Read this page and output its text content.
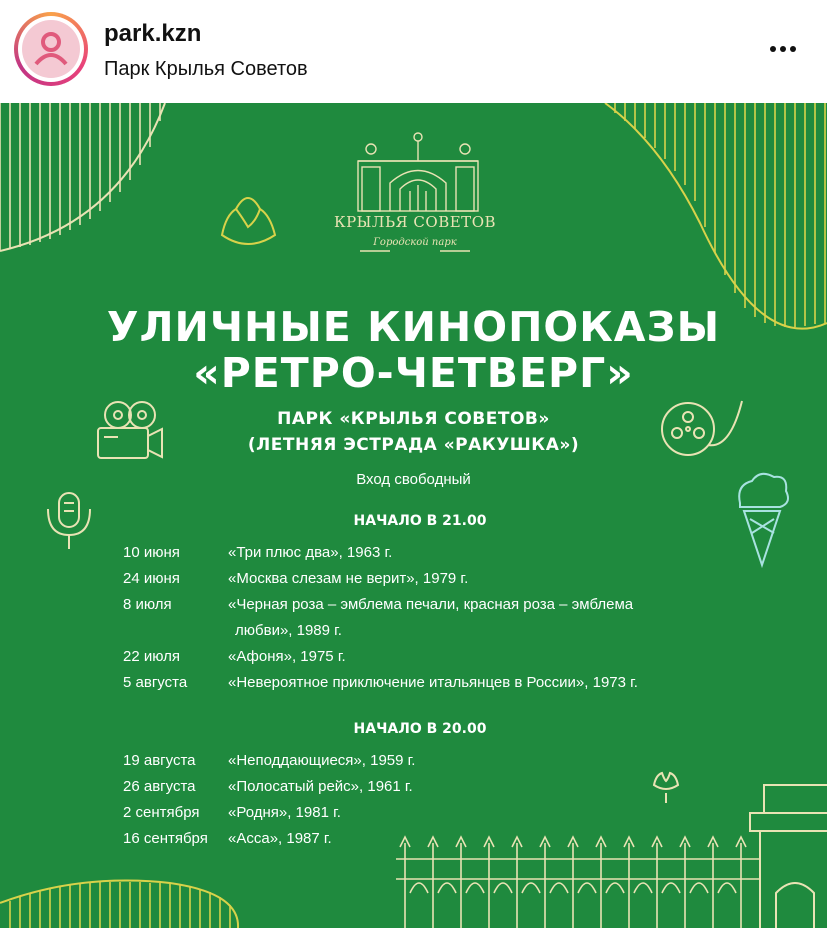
park.kzn
Парк Крылья Советов
КРЫЛЬЯ СОВЕТОВ
Городской парк
УЛИЧНЫЕ КИНОПОКАЗЫ
«РЕТРО-ЧЕТВЕРГ»
ПАРК «КРЫЛЬЯ СОВЕТОВ»
(ЛЕТНЯЯ ЭСТРАДА «РАКУШКА»)
Вход свободный
НАЧАЛО В 21.00
10 июня	«Три плюс два», 1963 г.
24 июня	«Москва слезам не верит», 1979 г.
8 июля	«Черная роза – эмблема печали, красная роза – эмблема
любви», 1989 г.
22 июля	«Афоня», 1975 г.
5 августа	«Невероятное приключение итальянцев в России», 1973 г.
НАЧАЛО В 20.00
19 августа «Неподдающиеся», 1959 г.
26 августа «Полосатый рейс», 1961 г.
2 сентября «Родня», 1981 г.
16 сентября «Асса», 1987 г.
